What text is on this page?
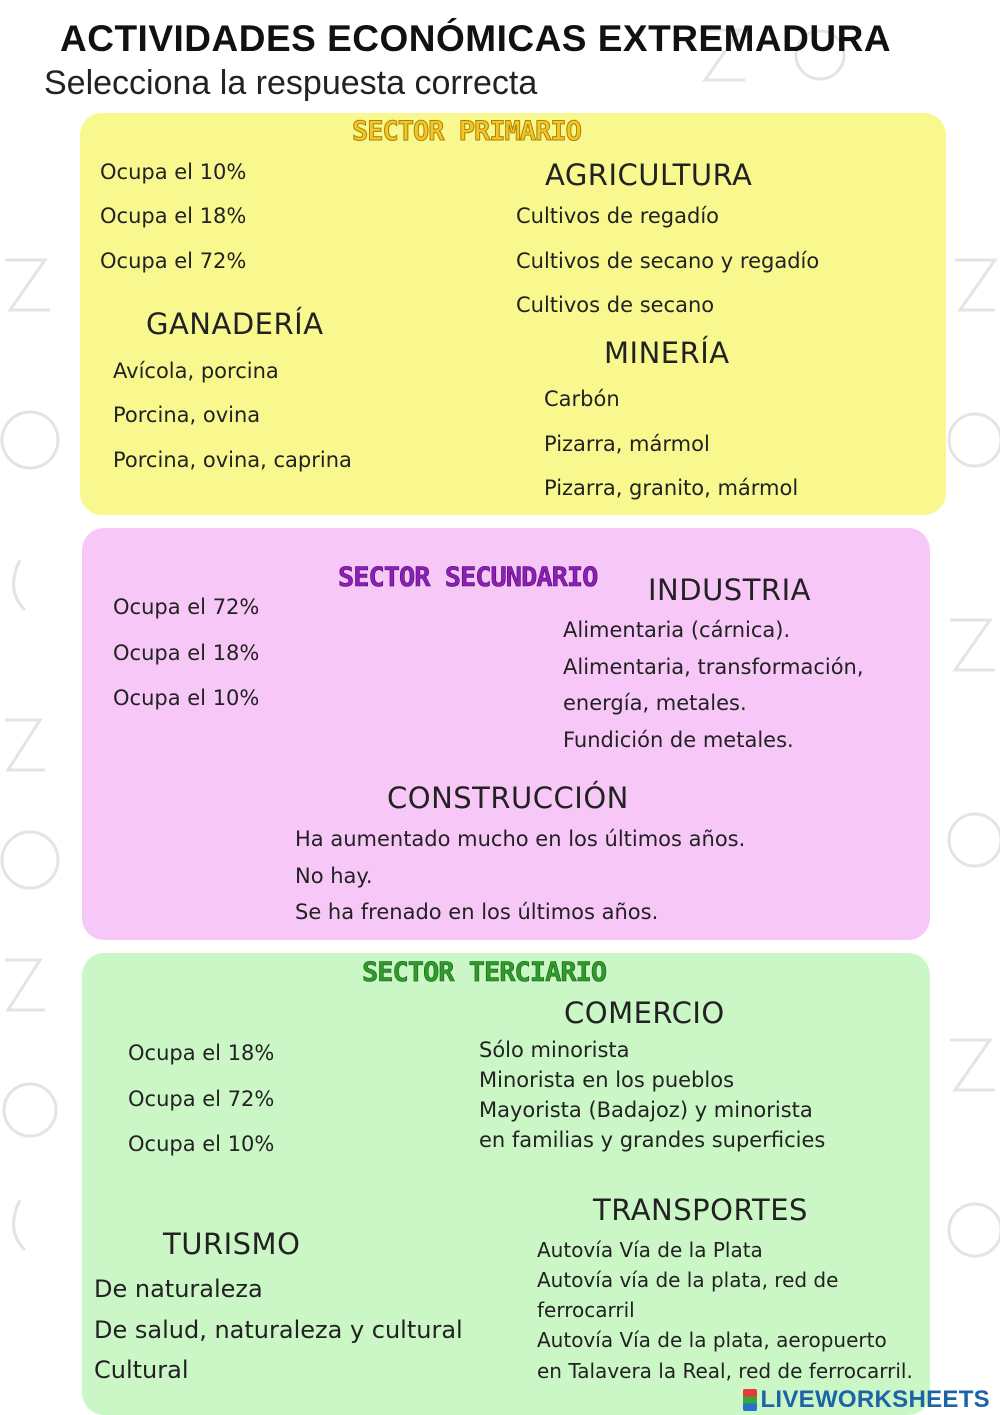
ACTIVIDADES ECONÓMICAS EXTREMADURA
Selecciona la respuesta correcta
SECTOR PRIMARIO
Ocupa el 10%
Ocupa el 18%
Ocupa el 72%
AGRICULTURA
Cultivos de regadío
Cultivos de secano y regadío
Cultivos de secano
GANADERÍA
Avícola, porcina
Porcina, ovina
Porcina, ovina, caprina
MINERÍA
Carbón
Pizarra, mármol
Pizarra, granito, mármol
SECTOR SECUNDARIO
Ocupa el 72%
Ocupa el 18%
Ocupa el 10%
INDUSTRIA
Alimentaria (cárnica).
Alimentaria, transformación,
energía, metales.
Fundición de metales.
CONSTRUCCIÓN
Ha aumentado mucho en los últimos años.
No hay.
Se ha frenado en los últimos años.
SECTOR TERCIARIO
Ocupa el 18%
Ocupa el 72%
Ocupa el 10%
COMERCIO
Sólo minorista
Minorista en los pueblos
Mayorista (Badajoz) y minorista
en familias y grandes superficies
TRANSPORTES
Autovía Vía de la Plata
Autovía vía de la plata, red de
ferrocarril
Autovía Vía de la plata, aeropuerto
en Talavera la Real, red de ferrocarril.
TURISMO
De naturaleza
De salud, naturaleza y cultural
Cultural
LIVEWORKSHEETS
